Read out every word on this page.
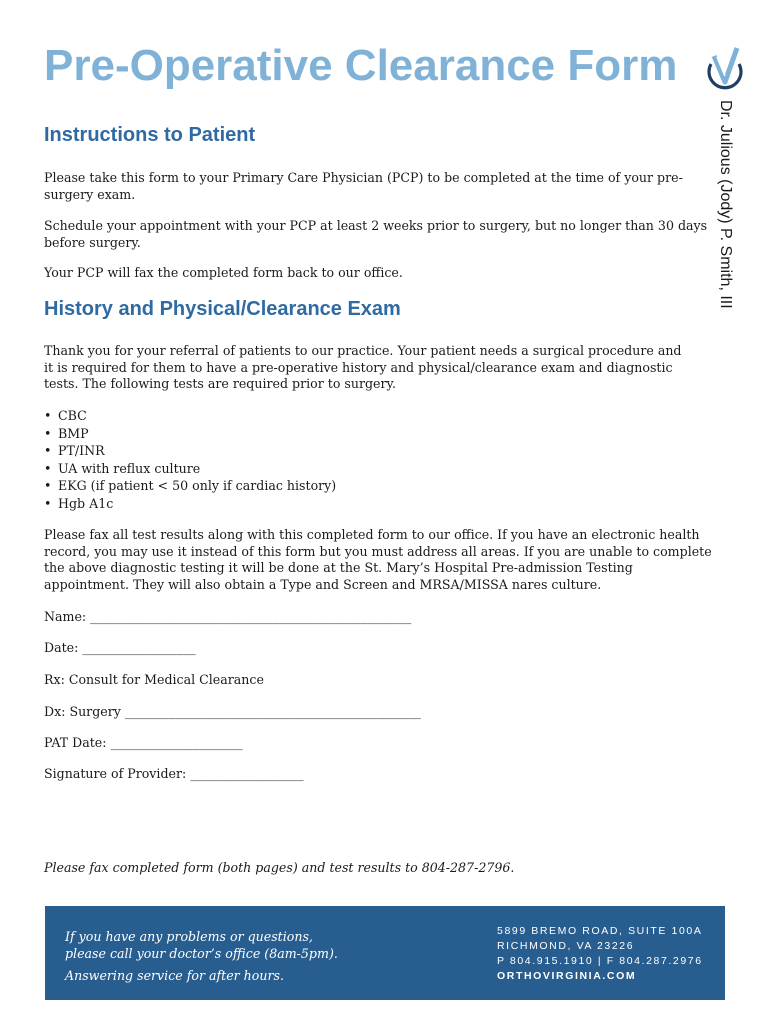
Pre-Operative Clearance Form
Dr. Julious (Jody) P. Smith, III
Instructions to Patient

Please take this form to your Primary Care Physician (PCP) to be completed at the time of your pre-surgery exam.

Schedule your appointment with your PCP at least 2 weeks prior to surgery, but no longer than 30 days before surgery.

Your PCP will fax the completed form back to our office.

History and Physical/Clearance Exam

Thank you for your referral of patients to our practice. Your patient needs a surgical procedure and it is required for them to have a pre-operative history and physical/clearance exam and diagnostic tests. The following tests are required prior to surgery.

• CBC
• BMP
• PT/INR
• UA with reflux culture
• EKG (if patient < 50 only if cardiac history)
• Hgb A1c

Please fax all test results along with this completed form to our office. If you have an electronic health record, you may use it instead of this form but you must address all areas. If you are unable to complete the above diagnostic testing it will be done at the St. Mary’s Hospital Pre-admission Testing appointment. They will also obtain a Type and Screen and MRSA/MISSA nares culture.

Name: ___________________________________________________
Date: __________________
Rx: Consult for Medical Clearance
Dx: Surgery _______________________________________________
PAT Date: _____________________
Signature of Provider: __________________

Please fax completed form (both pages) and test results to 804-287-2796.

If you have any problems or questions,
please call your doctor’s office (8am-5pm).
Answering service for after hours.
5899 BREMO ROAD, SUITE 100A
RICHMOND, VA 23226
P 804.915.1910 | F 804.287.2976
ORTHOVIRGINIA.COM
